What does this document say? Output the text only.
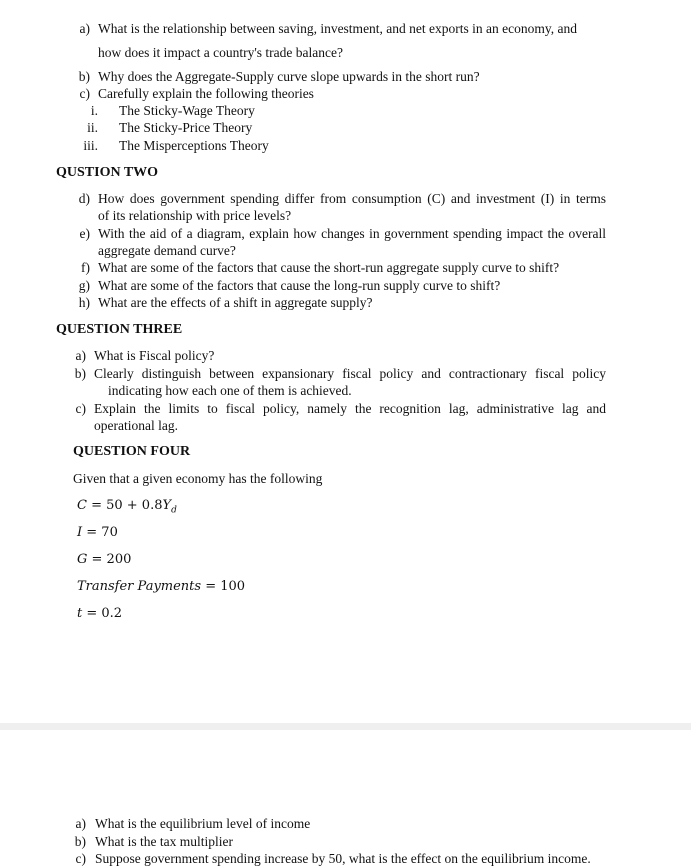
a) What is the relationship between saving, investment, and net exports in an economy, and
how does it impact a country's trade balance?
b) Why does the Aggregate-Supply curve slope upwards in the short run?
c) Carefully explain the following theories
i. The Sticky-Wage Theory
ii. The Sticky-Price Theory
iii. The Misperceptions Theory
QUSTION TWO
d) How does government spending differ from consumption (C) and investment (I) in terms
of its relationship with price levels?
e) With the aid of a diagram, explain how changes in government spending impact the overall
aggregate demand curve?
f) What are some of the factors that cause the short-run aggregate supply curve to shift?
g) What are some of the factors that cause the long-run supply curve to shift?
h) What are the effects of a shift in aggregate supply?
QUESTION THREE
a) What is Fiscal policy?
b) Clearly distinguish between expansionary fiscal policy and contractionary fiscal policy
indicating how each one of them is achieved.
c) Explain the limits to fiscal policy, namely the recognition lag, administrative lag and
operational lag.
QUESTION FOUR
Given that a given economy has the following
$C = 50 + 0.8Y_d$
I = 70
G = 200
Transfer Payments = 100
t = 0.2
a) What is the equilibrium level of income
b) What is the tax multiplier
c) Suppose government spending increase by 50, what is the effect on the equilibrium income.
